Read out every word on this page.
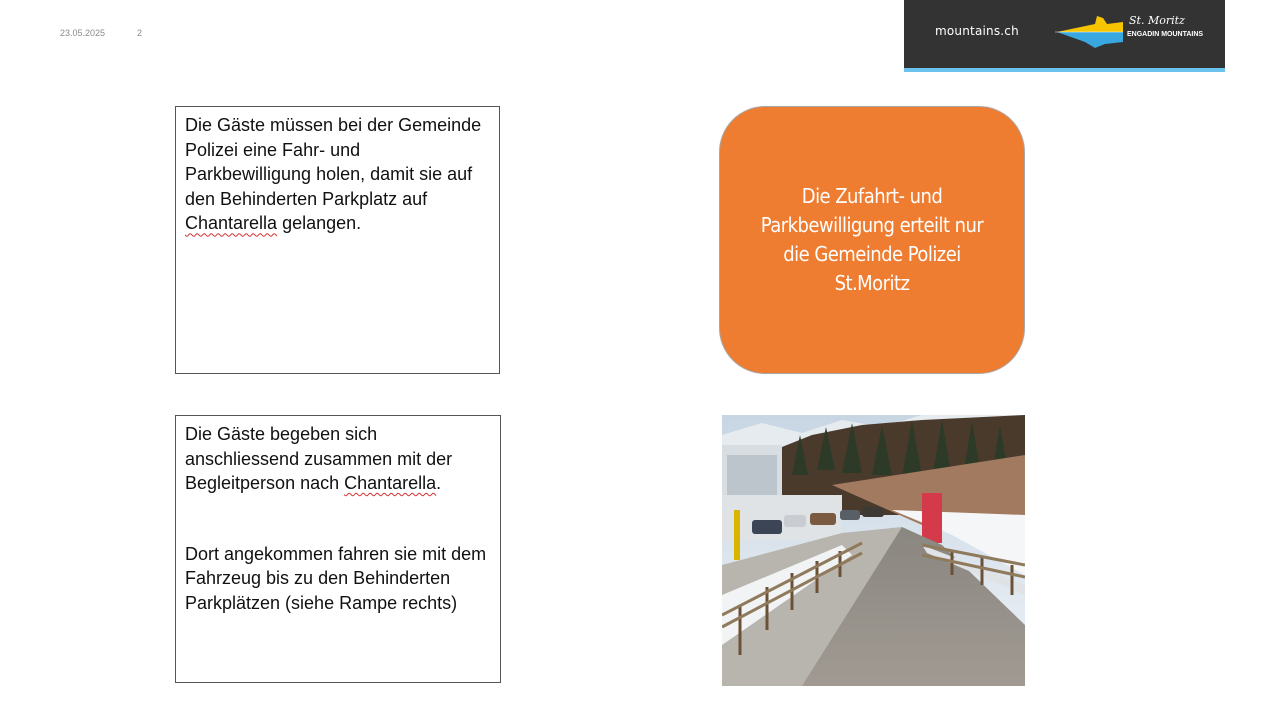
23.05.2025	2	mountains.ch
St. Moritz
ENGADIN MOUNTAINS
Die Gäste müssen bei der Gemeinde Polizei eine Fahr- und Parkbewilligung holen, damit sie auf den Behinderten Parkplatz auf Chantarella gelangen.
Die Zufahrt- und Parkbewilligung erteilt nur die Gemeinde Polizei St.Moritz
Die Gäste begeben sich anschliessend zusammen mit der Begleitperson nach Chantarella.
Dort angekommen fahren sie mit dem Fahrzeug bis zu den Behinderten Parkplätzen (siehe Rampe rechts)
